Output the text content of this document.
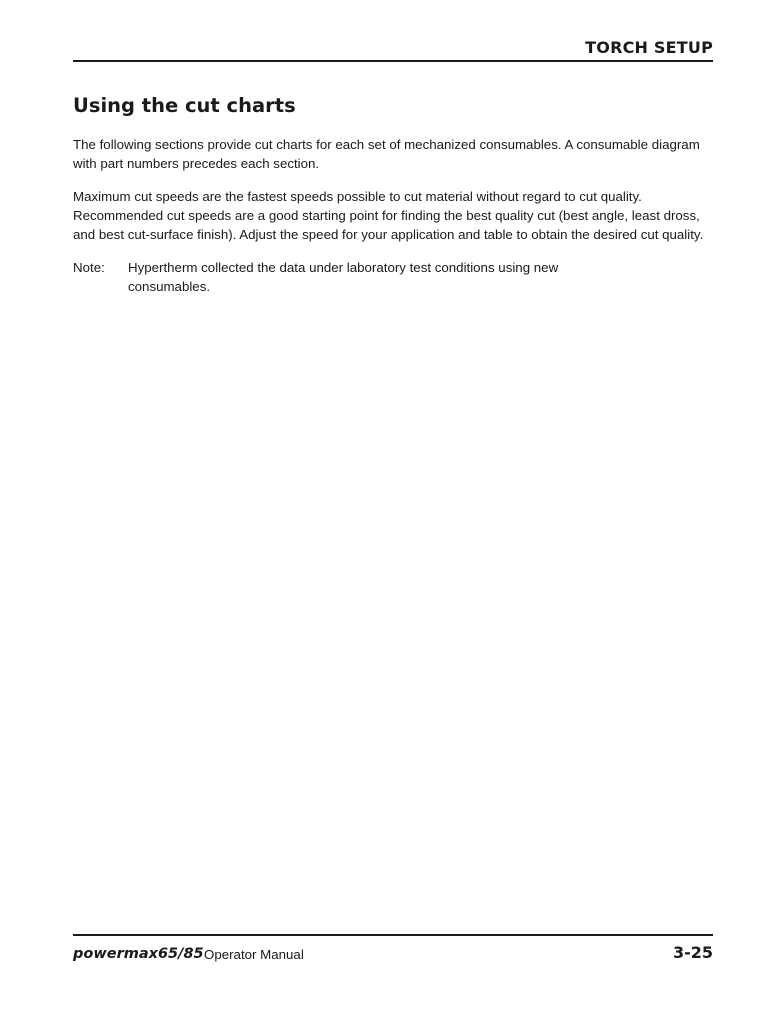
TORCH SETUP
Using the cut charts

The following sections provide cut charts for each set of mechanized consumables. A consumable diagram with part numbers precedes each section.

Maximum cut speeds are the fastest speeds possible to cut material without regard to cut quality. Recommended cut speeds are a good starting point for finding the best quality cut (best angle, least dross, and best cut-surface finish). Adjust the speed for your application and table to obtain the desired cut quality.

Note:	Hypertherm collected the data under laboratory test conditions using new consumables.
powermax65/85 Operator Manual	3-25
